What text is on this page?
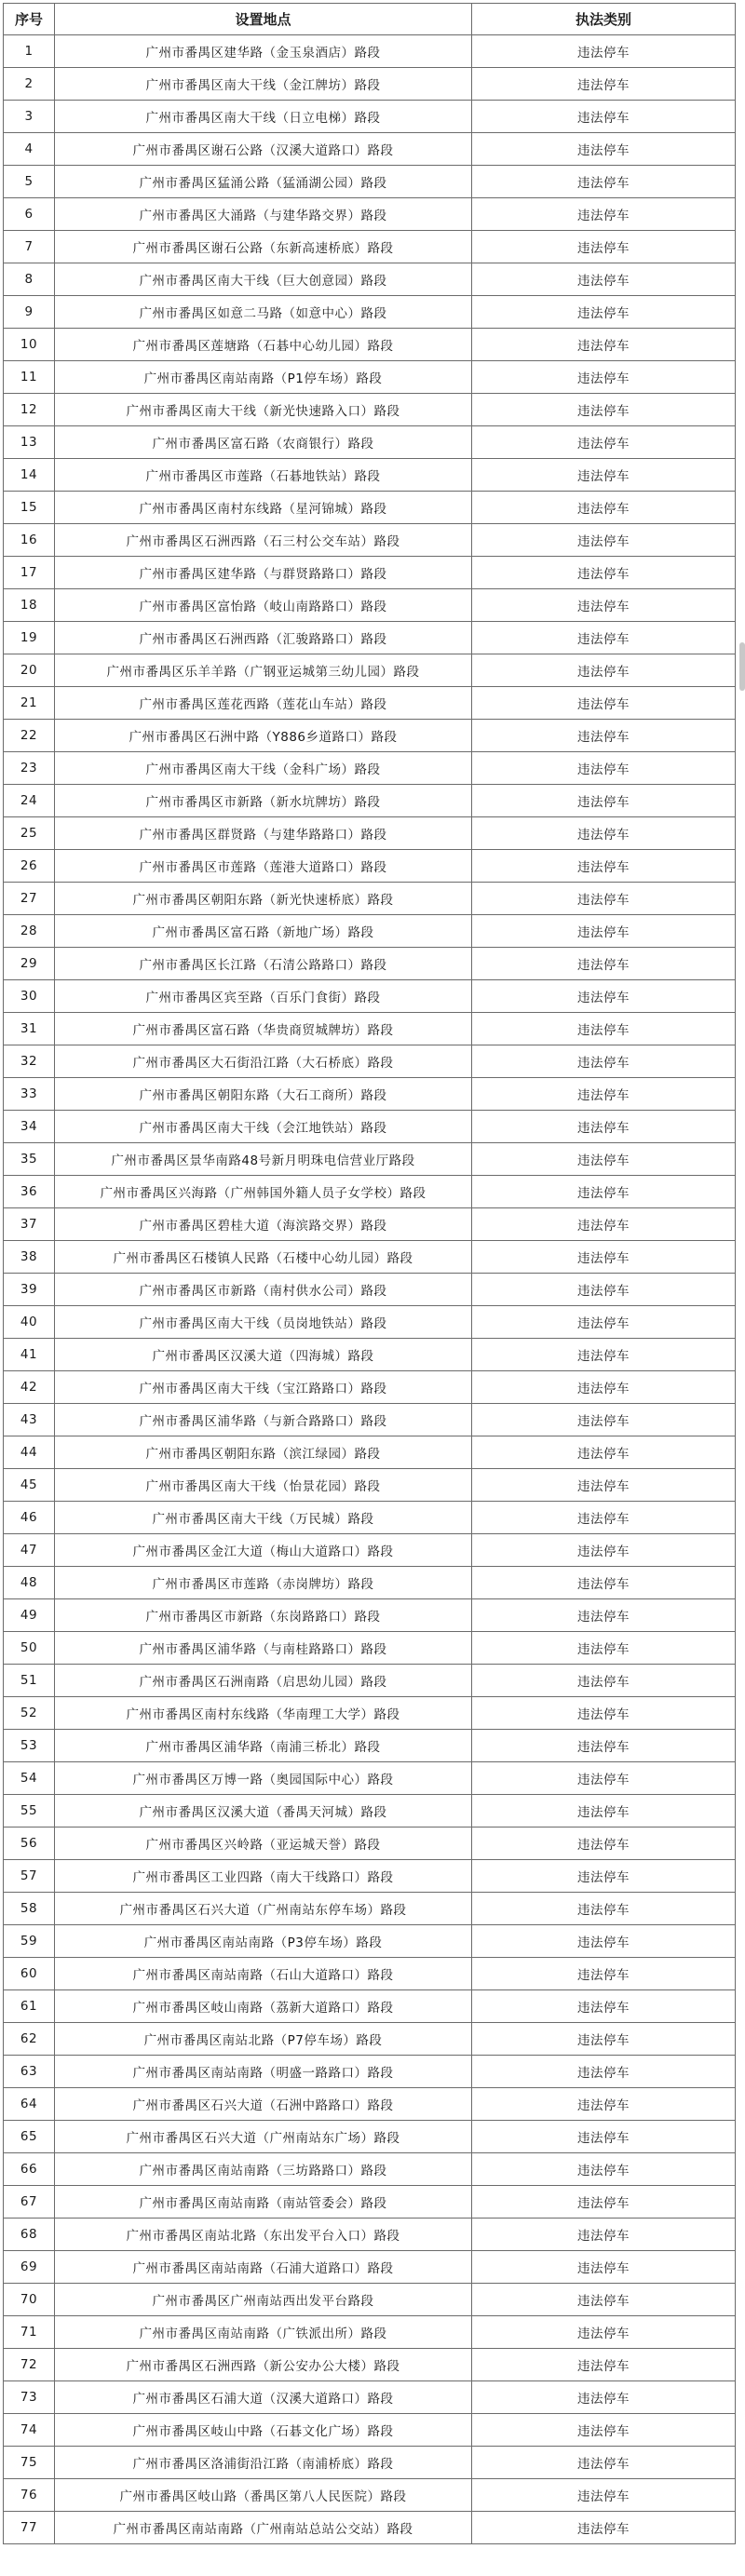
序号	设置地点	执法类别
1	广州市番禺区建华路（金玉泉酒店）路段	违法停车
2	广州市番禺区南大干线（金江牌坊）路段	违法停车
3	广州市番禺区南大干线（日立电梯）路段	违法停车
4	广州市番禺区谢石公路（汉溪大道路口）路段	违法停车
5	广州市番禺区猛涌公路（猛涌湖公园）路段	违法停车
6	广州市番禺区大涌路（与建华路交界）路段	违法停车
7	广州市番禺区谢石公路（东新高速桥底）路段	违法停车
8	广州市番禺区南大干线（巨大创意园）路段	违法停车
9	广州市番禺区如意二马路（如意中心）路段	违法停车
10	广州市番禺区莲塘路（石碁中心幼儿园）路段	违法停车
11	广州市番禺区南站南路（P1停车场）路段	违法停车
12	广州市番禺区南大干线（新光快速路入口）路段	违法停车
13	广州市番禺区富石路（农商银行）路段	违法停车
14	广州市番禺区市莲路（石碁地铁站）路段	违法停车
15	广州市番禺区南村东线路（星河锦城）路段	违法停车
16	广州市番禺区石洲西路（石三村公交车站）路段	违法停车
17	广州市番禺区建华路（与群贤路路口）路段	违法停车
18	广州市番禺区富怡路（岐山南路路口）路段	违法停车
19	广州市番禺区石洲西路（汇骏路路口）路段	违法停车
20	广州市番禺区乐羊羊路（广钢亚运城第三幼儿园）路段	违法停车
21	广州市番禺区莲花西路（莲花山车站）路段	违法停车
22	广州市番禺区石洲中路（Y886乡道路口）路段	违法停车
23	广州市番禺区南大干线（金科广场）路段	违法停车
24	广州市番禺区市新路（新水坑牌坊）路段	违法停车
25	广州市番禺区群贤路（与建华路路口）路段	违法停车
26	广州市番禺区市莲路（莲港大道路口）路段	违法停车
27	广州市番禺区朝阳东路（新光快速桥底）路段	违法停车
28	广州市番禺区富石路（新地广场）路段	违法停车
29	广州市番禺区长江路（石清公路路口）路段	违法停车
30	广州市番禺区宾至路（百乐门食街）路段	违法停车
31	广州市番禺区富石路（华贵商贸城牌坊）路段	违法停车
32	广州市番禺区大石街沿江路（大石桥底）路段	违法停车
33	广州市番禺区朝阳东路（大石工商所）路段	违法停车
34	广州市番禺区南大干线（会江地铁站）路段	违法停车
35	广州市番禺区景华南路48号新月明珠电信营业厅路段	违法停车
36	广州市番禺区兴海路（广州韩国外籍人员子女学校）路段	违法停车
37	广州市番禺区碧桂大道（海滨路交界）路段	违法停车
38	广州市番禺区石楼镇人民路（石楼中心幼儿园）路段	违法停车
39	广州市番禺区市新路（南村供水公司）路段	违法停车
40	广州市番禺区南大干线（员岗地铁站）路段	违法停车
41	广州市番禺区汉溪大道（四海城）路段	违法停车
42	广州市番禺区南大干线（宝江路路口）路段	违法停车
43	广州市番禺区浦华路（与新合路路口）路段	违法停车
44	广州市番禺区朝阳东路（滨江绿园）路段	违法停车
45	广州市番禺区南大干线（怡景花园）路段	违法停车
46	广州市番禺区南大干线（万民城）路段	违法停车
47	广州市番禺区金江大道（梅山大道路口）路段	违法停车
48	广州市番禺区市莲路（赤岗牌坊）路段	违法停车
49	广州市番禺区市新路（东岗路路口）路段	违法停车
50	广州市番禺区浦华路（与南桂路路口）路段	违法停车
51	广州市番禺区石洲南路（启思幼儿园）路段	违法停车
52	广州市番禺区南村东线路（华南理工大学）路段	违法停车
53	广州市番禺区浦华路（南浦三桥北）路段	违法停车
54	广州市番禺区万博一路（奥园国际中心）路段	违法停车
55	广州市番禺区汉溪大道（番禺天河城）路段	违法停车
56	广州市番禺区兴岭路（亚运城天誉）路段	违法停车
57	广州市番禺区工业四路（南大干线路口）路段	违法停车
58	广州市番禺区石兴大道（广州南站东停车场）路段	违法停车
59	广州市番禺区南站南路（P3停车场）路段	违法停车
60	广州市番禺区南站南路（石山大道路口）路段	违法停车
61	广州市番禺区岐山南路（荔新大道路口）路段	违法停车
62	广州市番禺区南站北路（P7停车场）路段	违法停车
63	广州市番禺区南站南路（明盛一路路口）路段	违法停车
64	广州市番禺区石兴大道（石洲中路路口）路段	违法停车
65	广州市番禺区石兴大道（广州南站东广场）路段	违法停车
66	广州市番禺区南站南路（三坊路路口）路段	违法停车
67	广州市番禺区南站南路（南站管委会）路段	违法停车
68	广州市番禺区南站北路（东出发平台入口）路段	违法停车
69	广州市番禺区南站南路（石浦大道路口）路段	违法停车
70	广州市番禺区广州南站西出发平台路段	违法停车
71	广州市番禺区南站南路（广铁派出所）路段	违法停车
72	广州市番禺区石洲西路（新公安办公大楼）路段	违法停车
73	广州市番禺区石浦大道（汉溪大道路口）路段	违法停车
74	广州市番禺区岐山中路（石碁文化广场）路段	违法停车
75	广州市番禺区洛浦街沿江路（南浦桥底）路段	违法停车
76	广州市番禺区岐山路（番禺区第八人民医院）路段	违法停车
77	广州市番禺区南站南路（广州南站总站公交站）路段	违法停车
